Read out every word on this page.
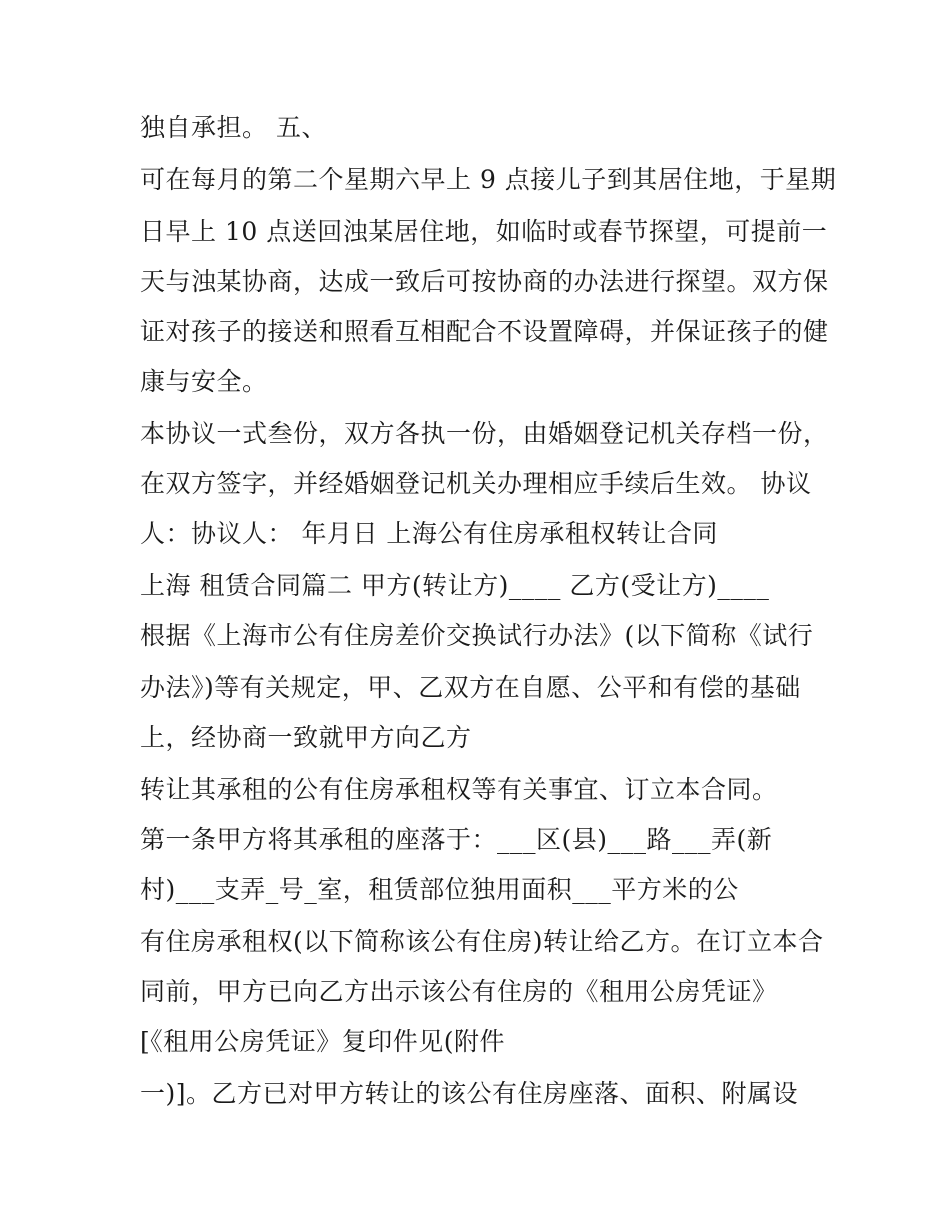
独自承担。 五、
可在每月的第二个星期六早上 9 点接儿子到其居住地，于星期
日早上 10 点送回浊某居住地，如临时或春节探望，可提前一
天与浊某协商，达成一致后可按协商的办法进行探望。双方保
证对孩子的接送和照看互相配合不设置障碍，并保证孩子的健
康与安全。
本协议一式叁份，双方各执一份，由婚姻登记机关存档一份，
在双方签字，并经婚姻登记机关办理相应手续后生效。 协议
人：协议人： 年月日 上海公有住房承租权转让合同
上海 租赁合同篇二 甲方(转让方)____ 乙方(受让方)____
根据《上海市公有住房差价交换试行办法》(以下简称《试行
办法》)等有关规定，甲、乙双方在自愿、公平和有偿的基础
上，经协商一致就甲方向乙方
转让其承租的公有住房承租权等有关事宜、订立本合同。
第一条甲方将其承租的座落于：___区(县)___路___弄(新
村)___支弄_号_室，租赁部位独用面积___平方米的公
有住房承租权(以下简称该公有住房)转让给乙方。在订立本合
同前，甲方已向乙方出示该公有住房的《租用公房凭证》
[《租用公房凭证》复印件见(附件
一)]。乙方已对甲方转让的该公有住房座落、面积、附属设
